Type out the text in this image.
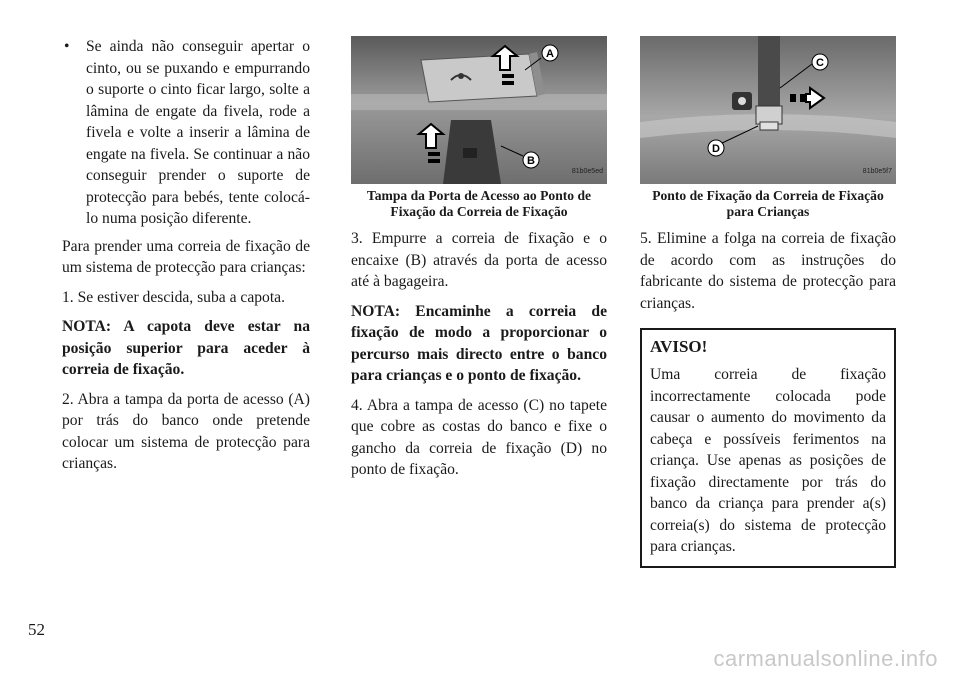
• Se ainda não conseguir apertar o cinto, ou se puxando e empurrando o suporte o cinto ficar largo, solte a lâmina de engate da fivela, rode a fivela e volte a inserir a lâmina de engate na fivela. Se continuar a não conseguir prender o suporte de protecção para bebés, tente colocá-lo numa posição diferente.

Para prender uma correia de fixação de um sistema de protecção para crianças:

1. Se estiver descida, suba a capota.

NOTA: A capota deve estar na posição superior para aceder à correia de fixação.

2. Abra a tampa da porta de acesso (A) por trás do banco onde pretende colocar um sistema de protecção para crianças.

A
B
81b0e5ed
Tampa da Porta de Acesso ao Ponto de Fixação da Correia de Fixação

3. Empurre a correia de fixação e o encaixe (B) através da porta de acesso até à bagageira.

NOTA: Encaminhe a correia de fixação de modo a proporcionar o percurso mais directo entre o banco para crianças e o ponto de fixação.

4. Abra a tampa de acesso (C) no tapete que cobre as costas do banco e fixe o gancho da correia de fixação (D) no ponto de fixação.

C
D
81b0e5f7
Ponto de Fixação da Correia de Fixação para Crianças

5. Elimine a folga na correia de fixação de acordo com as instruções do fabricante do sistema de protecção para crianças.

AVISO!
Uma correia de fixação incorrectamente colocada pode causar o aumento do movimento da cabeça e possíveis ferimentos na criança. Use apenas as posições de fixação directamente por trás do banco da criança para prender a(s) correia(s) do sistema de protecção para crianças.
52
carmanualsonline.info
